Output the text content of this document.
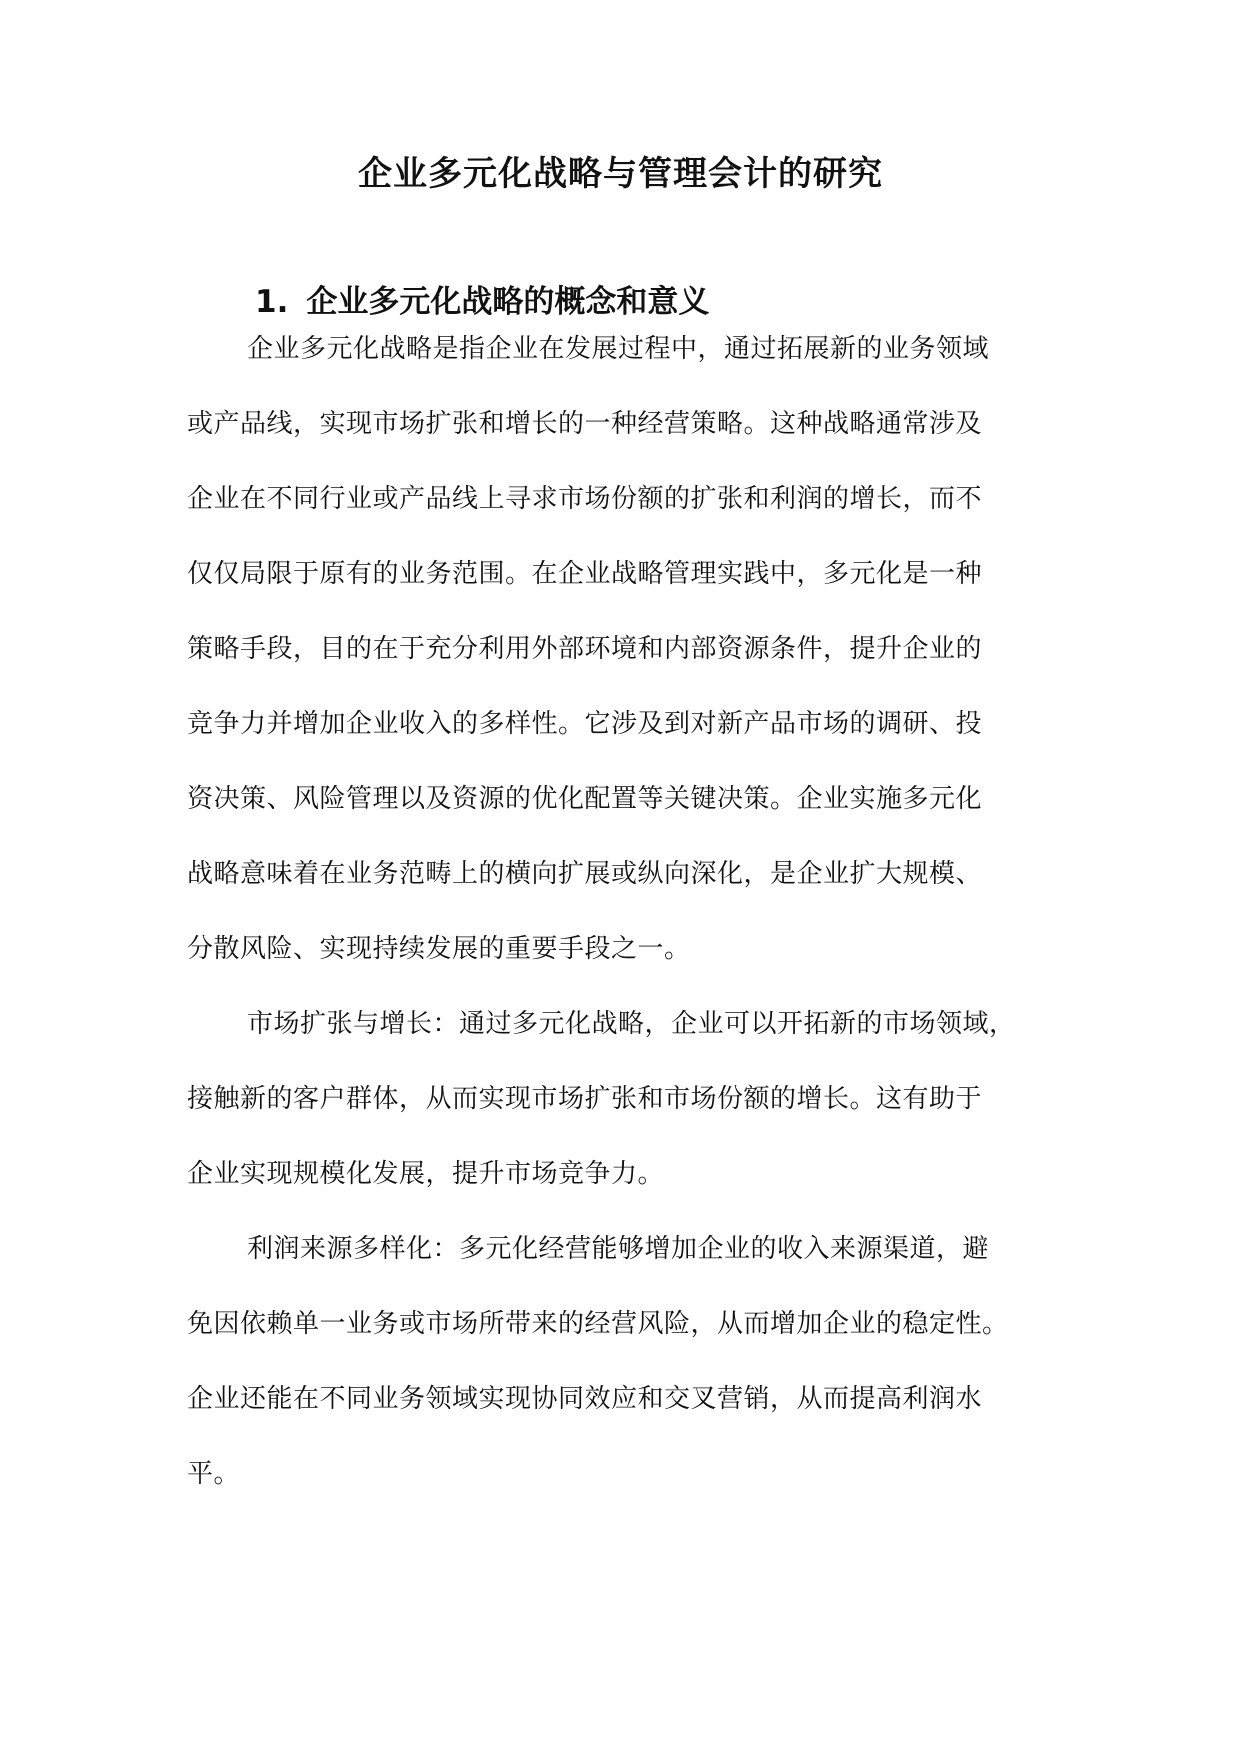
企业多元化战略与管理会计的研究
1. 企业多元化战略的概念和意义
企业多元化战略是指企业在发展过程中，通过拓展新的业务领域
或产品线，实现市场扩张和增长的一种经营策略。这种战略通常涉及
企业在不同行业或产品线上寻求市场份额的扩张和利润的增长，而不
仅仅局限于原有的业务范围。在企业战略管理实践中，多元化是一种
策略手段，目的在于充分利用外部环境和内部资源条件，提升企业的
竞争力并增加企业收入的多样性。它涉及到对新产品市场的调研、投
资决策、风险管理以及资源的优化配置等关键决策。企业实施多元化
战略意味着在业务范畴上的横向扩展或纵向深化，是企业扩大规模、
分散风险、实现持续发展的重要手段之一。
市场扩张与增长：通过多元化战略，企业可以开拓新的市场领域，
接触新的客户群体，从而实现市场扩张和市场份额的增长。这有助于
企业实现规模化发展，提升市场竞争力。
利润来源多样化：多元化经营能够增加企业的收入来源渠道，避
免因依赖单一业务或市场所带来的经营风险，从而增加企业的稳定性。
企业还能在不同业务领域实现协同效应和交叉营销，从而提高利润水
平。
